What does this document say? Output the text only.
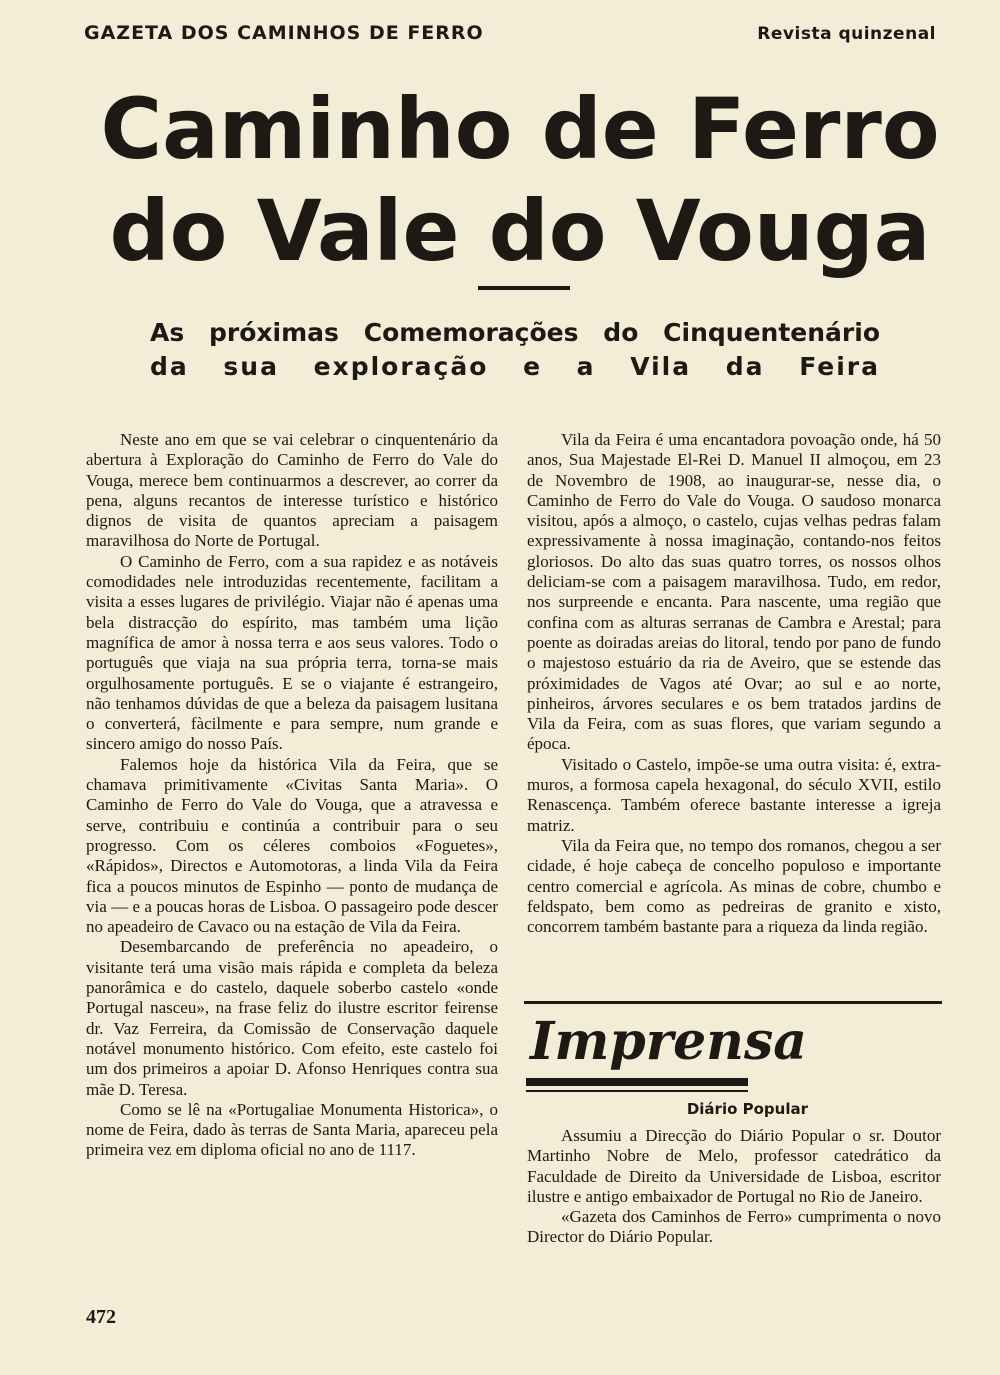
GAZETA DOS CAMINHOS DE FERRO	Revista quinzenal
Caminho de Ferro
do Vale do Vouga
As próximas Comemorações do Cinquentenário
da sua exploração e a Vila da Feira

Neste ano em que se vai celebrar o cinquentenário da abertura à Exploração do Caminho de Ferro do Vale do Vouga, merece bem continuarmos a descrever, ao correr da pena, alguns recantos de interesse turístico e histórico dignos de visita de quantos apreciam a paisagem maravilhosa do Norte de Portugal.

O Caminho de Ferro, com a sua rapidez e as notáveis comodidades nele introduzidas recentemente, facilitam a visita a esses lugares de privilégio. Viajar não é apenas uma bela distracção do espírito, mas também uma lição magnífica de amor à nossa terra e aos seus valores. Todo o português que viaja na sua própria terra, torna-se mais orgulhosamente português. E se o viajante é estrangeiro, não tenhamos dúvidas de que a beleza da paisagem lusitana o converterá, fàcilmente e para sempre, num grande e sincero amigo do nosso País.

Falemos hoje da histórica Vila da Feira, que se chamava primitivamente «Civitas Santa Maria». O Caminho de Ferro do Vale do Vouga, que a atravessa e serve, contribuiu e continúa a contribuir para o seu progresso. Com os céleres comboios «Foguetes», «Rápidos», Directos e Automotoras, a linda Vila da Feira fica a poucos minutos de Espinho — ponto de mudança de via — e a poucas horas de Lisboa. O passageiro pode descer no apeadeiro de Cavaco ou na estação de Vila da Feira.

Desembarcando de preferência no apeadeiro, o visitante terá uma visão mais rápida e completa da beleza panorâmica e do castelo, daquele soberbo castelo «onde Portugal nasceu», na frase feliz do ilustre escritor feirense dr. Vaz Ferreira, da Comissão de Conservação daquele notável monumento histórico. Com efeito, este castelo foi um dos primeiros a apoiar D. Afonso Henriques contra sua mãe D. Teresa.

Como se lê na «Portugaliae Monumenta Historica», o nome de Feira, dado às terras de Santa Maria, apareceu pela primeira vez em diploma oficial no ano de 1117.

Vila da Feira é uma encantadora povoação onde, há 50 anos, Sua Majestade El-Rei D. Manuel II almoçou, em 23 de Novembro de 1908, ao inaugurar-se, nesse dia, o Caminho de Ferro do Vale do Vouga. O saudoso monarca visitou, após a almoço, o castelo, cujas velhas pedras falam expressivamente à nossa imaginação, contando-nos feitos gloriosos. Do alto das suas quatro torres, os nossos olhos deliciam-se com a paisagem maravilhosa. Tudo, em redor, nos surpreende e encanta. Para nascente, uma região que confina com as alturas serranas de Cambra e Arestal; para poente as doiradas areias do litoral, tendo por pano de fundo o majestoso estuário da ria de Aveiro, que se estende das próximidades de Vagos até Ovar; ao sul e ao norte, pinheiros, árvores seculares e os bem tratados jardins de Vila da Feira, com as suas flores, que variam segundo a época.

Visitado o Castelo, impõe-se uma outra visita: é, extra-muros, a formosa capela hexagonal, do século XVII, estilo Renascença. Também oferece bastante interesse a igreja matriz.

Vila da Feira que, no tempo dos romanos, chegou a ser cidade, é hoje cabeça de concelho populoso e importante centro comercial e agrícola. As minas de cobre, chumbo e feldspato, bem como as pedreiras de granito e xisto, concorrem também bastante para a riqueza da linda região.

Imprensa
Diário Popular

Assumiu a Direcção do Diário Popular o sr. Doutor Martinho Nobre de Melo, professor catedrático da Faculdade de Direito da Universidade de Lisboa, escritor ilustre e antigo embaixador de Portugal no Rio de Janeiro.

«Gazeta dos Caminhos de Ferro» cumprimenta o novo Director do Diário Popular.

472
